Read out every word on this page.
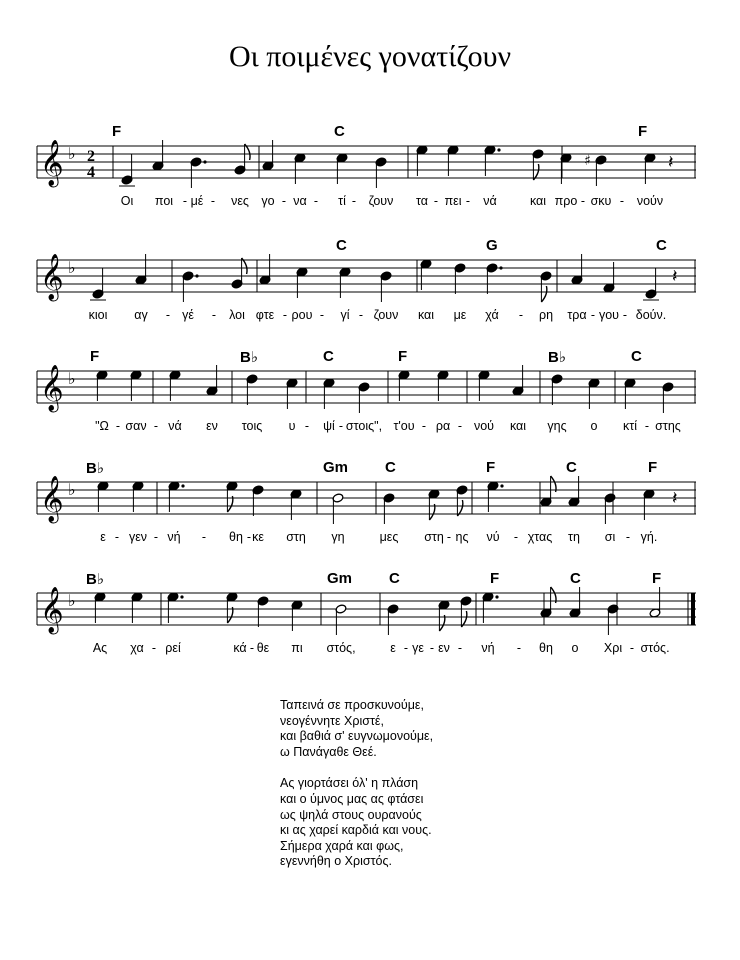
Οι ποιμένες γονατίζουν
𝄞 ♭ 2
4
♯	𝄽
F	C	F
Οι ποι - μέ - νες γο - να - τί - ζουν τα - πει - νά	και προ - σκυ - νούν
𝄞 ♭	𝄽
C	G	C
κιοι αγ - γέ - λοι φτε - ρου - γί - ζουν και με χά - ρη τρα - γου - δούν.
𝄞 ♭
F	B♭	C	F	B♭	C
"Ω - σαν - νά εν τοις υ - ψί - στοις", τ'ου - ρα - νού και γης ο κτί - στης
𝄞 ♭	𝄽
B♭	Gm C	F	C	F
ε - γεν - νή - θη - κε στη γη	μες στη - ης νύ - χτας τη σι - γή.
𝄞 ♭
B♭	Gm C	F	C	F
Ας χα - ρεί	κά - θε πι στός,	ε - γε - εν - νή - θη ο Χρι - στός.
Ταπεινά σε προσκυνούμε,
νεογέννητε Χριστέ,
και βαθιά σ' ευγνωμονούμε,
ω Πανάγαθε Θεέ.
Ας γιορτάσει όλ' η πλάση
και ο ύμνος μας ας φτάσει
ως ψηλά στους ουρανούς
κι ας χαρεί καρδιά και νους.
Σήμερα χαρά και φως,
εγεννήθη ο Χριστός.
